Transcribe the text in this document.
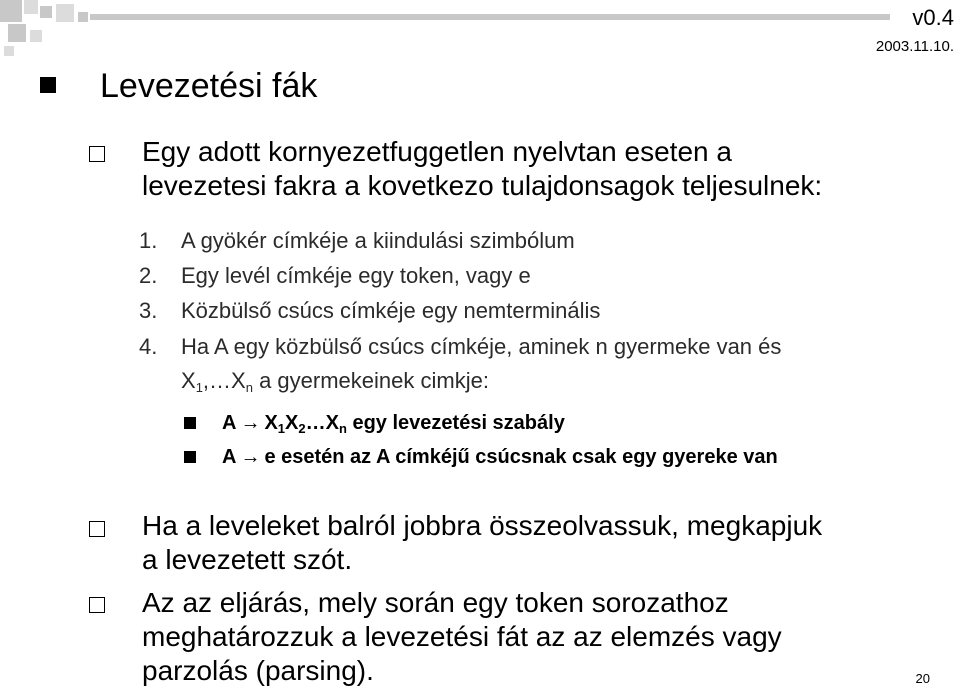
v0.4
2003.11.10.
Levezetési fák
Egy adott kornyezetfuggetlen nyelvtan eseten a
levezetesi fakra a kovetkezo tulajdonsagok teljesulnek:
1. A gyökér címkéje a kiindulási szimbólum
2. Egy levél címkéje egy token, vagy e
3. Közbülső csúcs címkéje egy nemterminális
4. Ha A egy közbülső csúcs címkéje, aminek n gyermeke van és
$X_1,\dots X_n$ a gyermekeinek cimkje:
$A \to X_1X_2\dots X_n$ egy levezetési szabály
A → e esetén az A címkéjű csúcsnak csak egy gyereke van
Ha a leveleket balról jobbra összeolvassuk, megkapjuk
a levezetett szót.
Az az eljárás, mely során egy token sorozathoz
meghatározzuk a levezetési fát az az elemzés vagy
parzolás (parsing).	20
